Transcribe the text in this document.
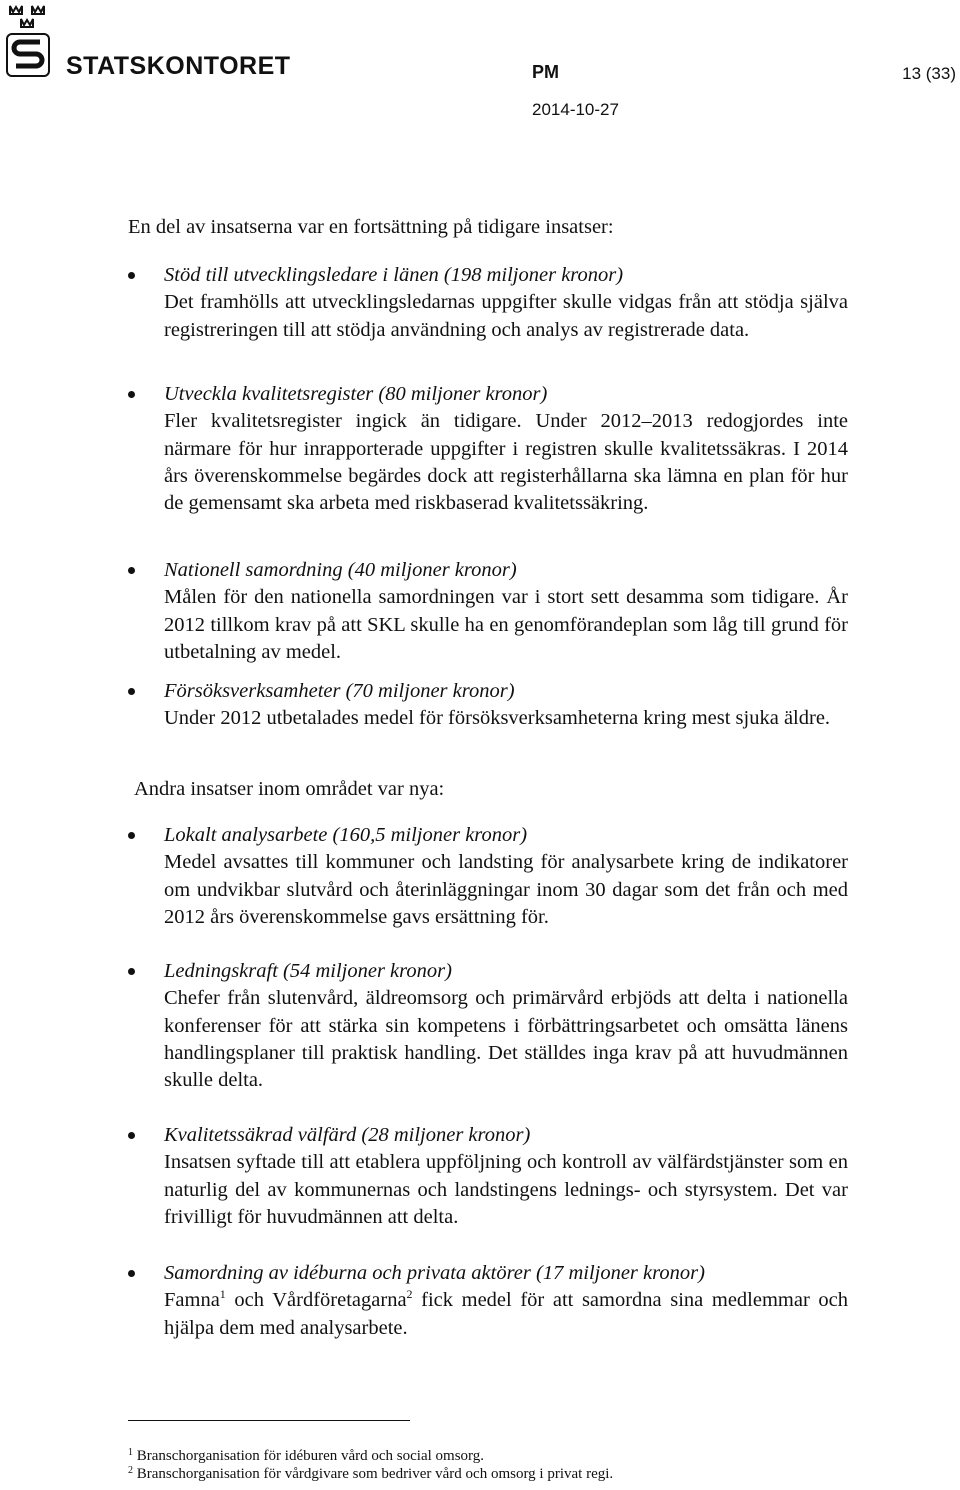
STATSKONTORET	PM	13 (33)
2014-10-27

En del av insatserna var en fortsättning på tidigare insatser:

Stöd till utvecklingsledare i länen (198 miljoner kronor)
Det framhölls att utvecklingsledarnas uppgifter skulle vidgas från att stödja själva registreringen till att stödja användning och analys av registrerade data.
Utveckla kvalitetsregister (80 miljoner kronor)
Fler kvalitetsregister ingick än tidigare. Under 2012–2013 redogjordes inte närmare för hur inrapporterade uppgifter i registren skulle kvalitetssäkras. I 2014 års överenskommelse begärdes dock att registerhållarna ska lämna en plan för hur de gemensamt ska arbeta med riskbaserad kvalitetssäkring.
Nationell samordning (40 miljoner kronor)
Målen för den nationella samordningen var i stort sett desamma som tidigare. År 2012 tillkom krav på att SKL skulle ha en genomförandeplan som låg till grund för utbetalning av medel.
Försöksverksamheter (70 miljoner kronor)
Under 2012 utbetalades medel för försöksverksamheterna kring mest sjuka äldre.

Andra insatser inom området var nya:

Lokalt analysarbete (160,5 miljoner kronor)
Medel avsattes till kommuner och landsting för analysarbete kring de indikatorer om undvikbar slutvård och återinläggningar inom 30 dagar som det från och med 2012 års överenskommelse gavs ersättning för.
Ledningskraft (54 miljoner kronor)
Chefer från slutenvård, äldreomsorg och primärvård erbjöds att delta i nationella konferenser för att stärka sin kompetens i förbättringsarbetet och omsätta länens handlingsplaner till praktisk handling. Det ställdes inga krav på att huvudmännen skulle delta.
Kvalitetssäkrad välfärd (28 miljoner kronor)
Insatsen syftade till att etablera uppföljning och kontroll av välfärdstjänster som en naturlig del av kommunernas och landstingens lednings- och styrsystem. Det var frivilligt för huvudmännen att delta.
Samordning av idéburna och privata aktörer (17 miljoner kronor)
Famna$^1$ och Vårdföretagarna$^2$ fick medel för att samordna sina medlemmar och hjälpa dem med analysarbete.
$^1$ Branschorganisation för idéburen vård och social omsorg.
$^2$ Branschorganisation för vårdgivare som bedriver vård och omsorg i privat regi.
